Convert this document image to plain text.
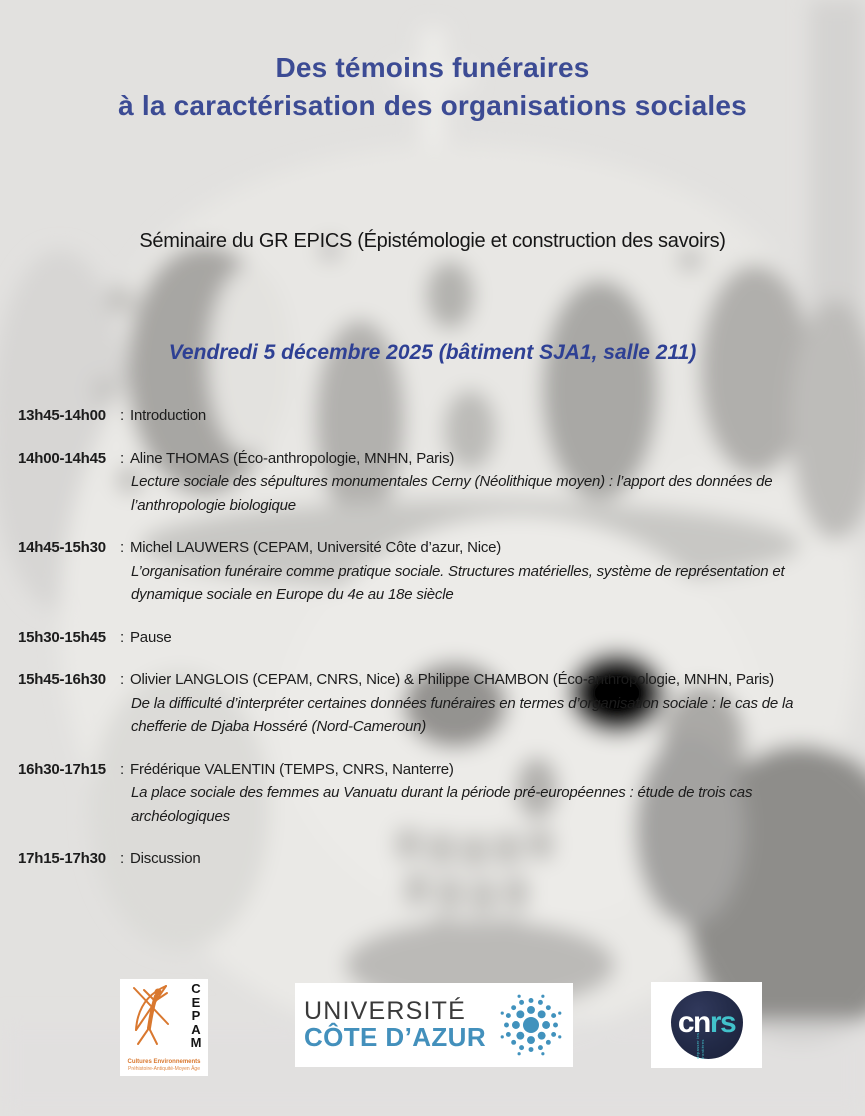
Des témoins funéraires
à la caractérisation des organisations sociales
Séminaire du GR EPICS (Épistémologie et construction des savoirs)
Vendredi 5 décembre 2025 (bâtiment SJA1, salle 211)
13h45-14h00 : Introduction
14h00-14h45 : Aline THOMAS (Éco-anthropologie, MNHN, Paris)
Lecture sociale des sépultures monumentales Cerny (Néolithique moyen) : l’apport des données de l’anthropologie biologique
14h45-15h30 : Michel LAUWERS (CEPAM, Université Côte d’azur, Nice)
L’organisation funéraire comme pratique sociale. Structures matérielles, système de représentation et dynamique sociale en Europe du 4e au 18e siècle
15h30-15h45 : Pause
15h45-16h30 : Olivier LANGLOIS (CEPAM, CNRS, Nice) & Philippe CHAMBON (Éco-anthropologie, MNHN, Paris)
De la difficulté d’interpréter certaines données funéraires en termes d’organisation sociale : le cas de la chefferie de Djaba Hosséré (Nord-Cameroun)
16h30-17h15 : Frédérique VALENTIN (TEMPS, CNRS, Nanterre)
La place sociale des femmes au Vanuatu durant la période pré-européennes : étude de trois cas archéologiques
17h15-17h30 : Discussion
CEPAM
Cultures Environnements
Préhistoire-Antiquité-Moyen Âge
UNIVERSITÉ
CÔTE D’AZUR	cnrs
dépasser les frontières
